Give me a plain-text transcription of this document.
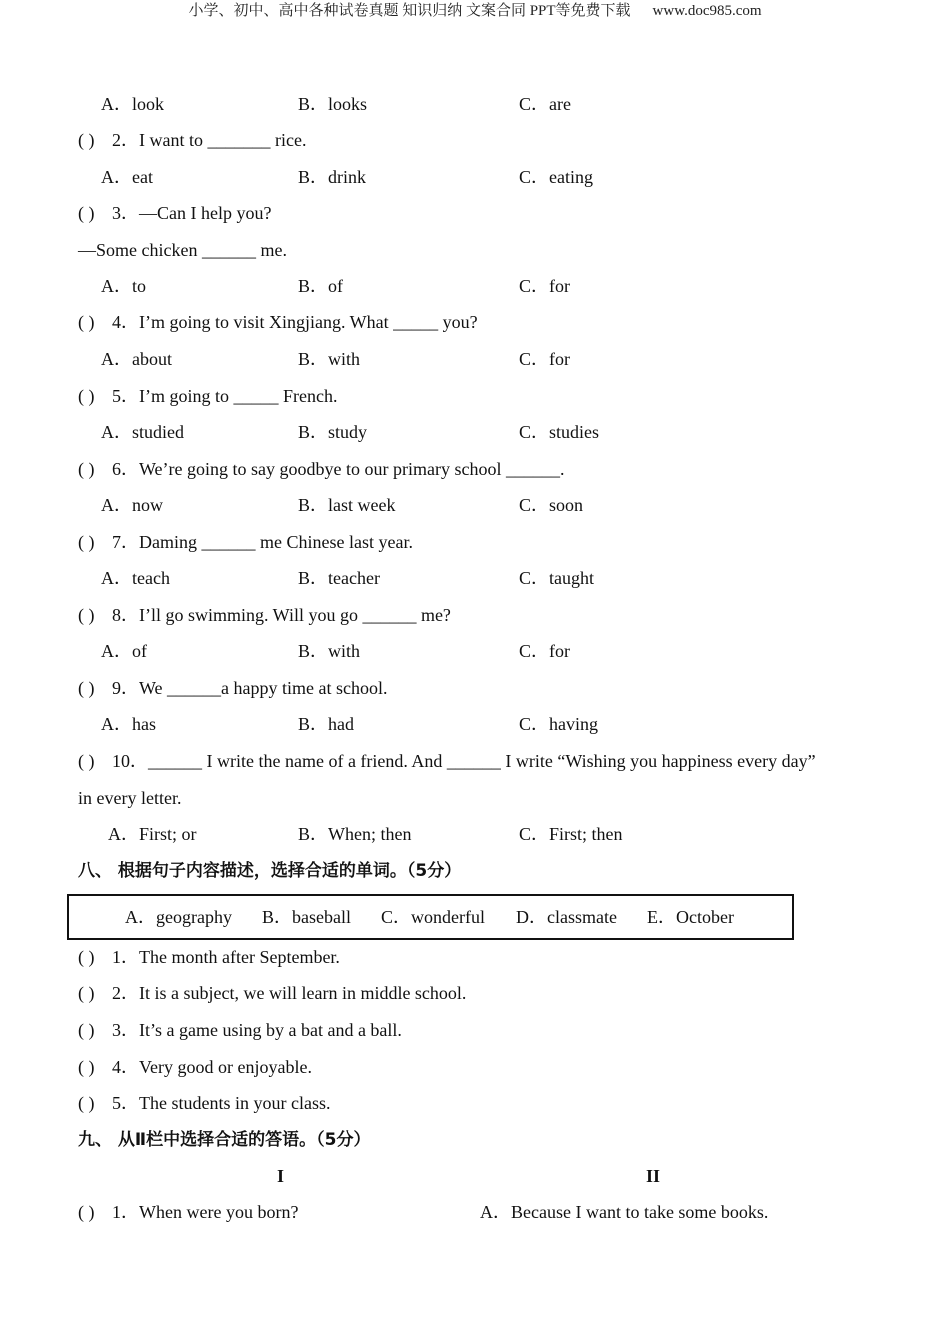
小学、初中、高中各种试卷真题 知识归纳 文案合同 PPT等免费下载 www.doc985.com
A．look	B．looks	C．are
( ) 2．I want to _______ rice.
A．eat	B．drink	C．eating
( ) 3．—Can I help you?
—Some chicken ______ me.
A．to	B．of	C．for
( ) 4．I’m going to visit Xingjiang. What _____ you?
A．about	B．with	C．for
( ) 5．I’m going to _____ French.
A．studied	B．study	C．studies
( ) 6．We’re going to say goodbye to our primary school ______.
A．now	B．last week	C．soon
( ) 7．Daming ______ me Chinese last year.
A．teach	B．teacher	C．taught
( ) 8．I’ll go swimming. Will you go ______ me?
A．of	B．with	C．for
( ) 9．We ______a happy time at school.
A．has	B．had	C．having
( ) 10．______ I write the name of a friend. And ______ I write “Wishing you happiness every day”
in every letter.
A．First; or	B．When; then	C．First; then
八、 根据句子内容描述，选择合适的单词。（5分）
A．geography B．baseball C．wonderful D．classmate E．October
( ) 1．The month after September.
( ) 2．It is a subject, we will learn in middle school.
( ) 3．It’s a game using by a bat and a ball.
( ) 4．Very good or enjoyable.
( ) 5．The students in your class.
九、 从Ⅱ栏中选择合适的答语。（5分）
I	II
( ) 1．When were you born?	A．Because I want to take some books.
